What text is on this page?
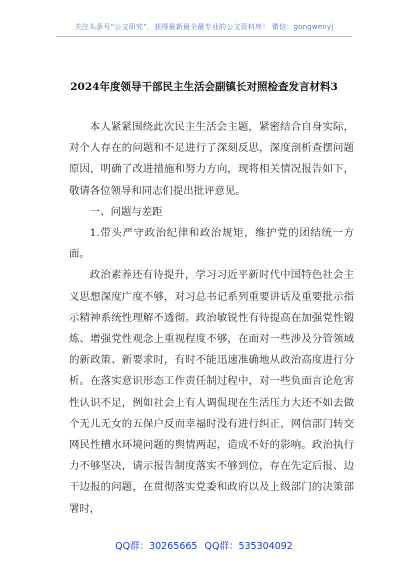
关注头条号“公文研究”，获得最新最全最专业的公文资料库！ 微信：gongwenyj
2024年度领导干部民主生活会副镇长对照检查发言材料3

本人紧紧围绕此次民主生活会主题，紧密结合自身实际，对个人存在的问题和不足进行了深刻反思，深度剖析查摆问题原因，明确了改进措施和努力方向，现将相关情况报告如下，敬请各位领导和同志们提出批评意见。

一、问题与差距

1.带头严守政治纪律和政治规矩，维护党的团结统一方面。

政治素养还有待提升，学习习近平新时代中国特色社会主义思想深度广度不够，对习总书记系列重要讲话及重要批示指示精神系统性理解不透彻。政治敏锐性有待提高在加强党性锻炼、增强党性观念上重视程度不够，在面对一些涉及分管领域的新政策、新要求时，有时不能迅速准确地从政治高度进行分析。在落实意识形态工作责任制过程中，对一些负面言论危害性认识不足，例如社会上有人调侃现在生活压力大还不如去做个无儿无女的五保户反而幸福时没有进行纠正，网信部门转交网民性槽水环境问题的舆情两起，造成不好的影响。政治执行力不够坚决，请示报告制度落实不够到位，存在先定后报、边干边报的问题，在贯彻落实党委和政府以及上级部门的决策部署时，

QQ群：30265665 QQ群：535304092
